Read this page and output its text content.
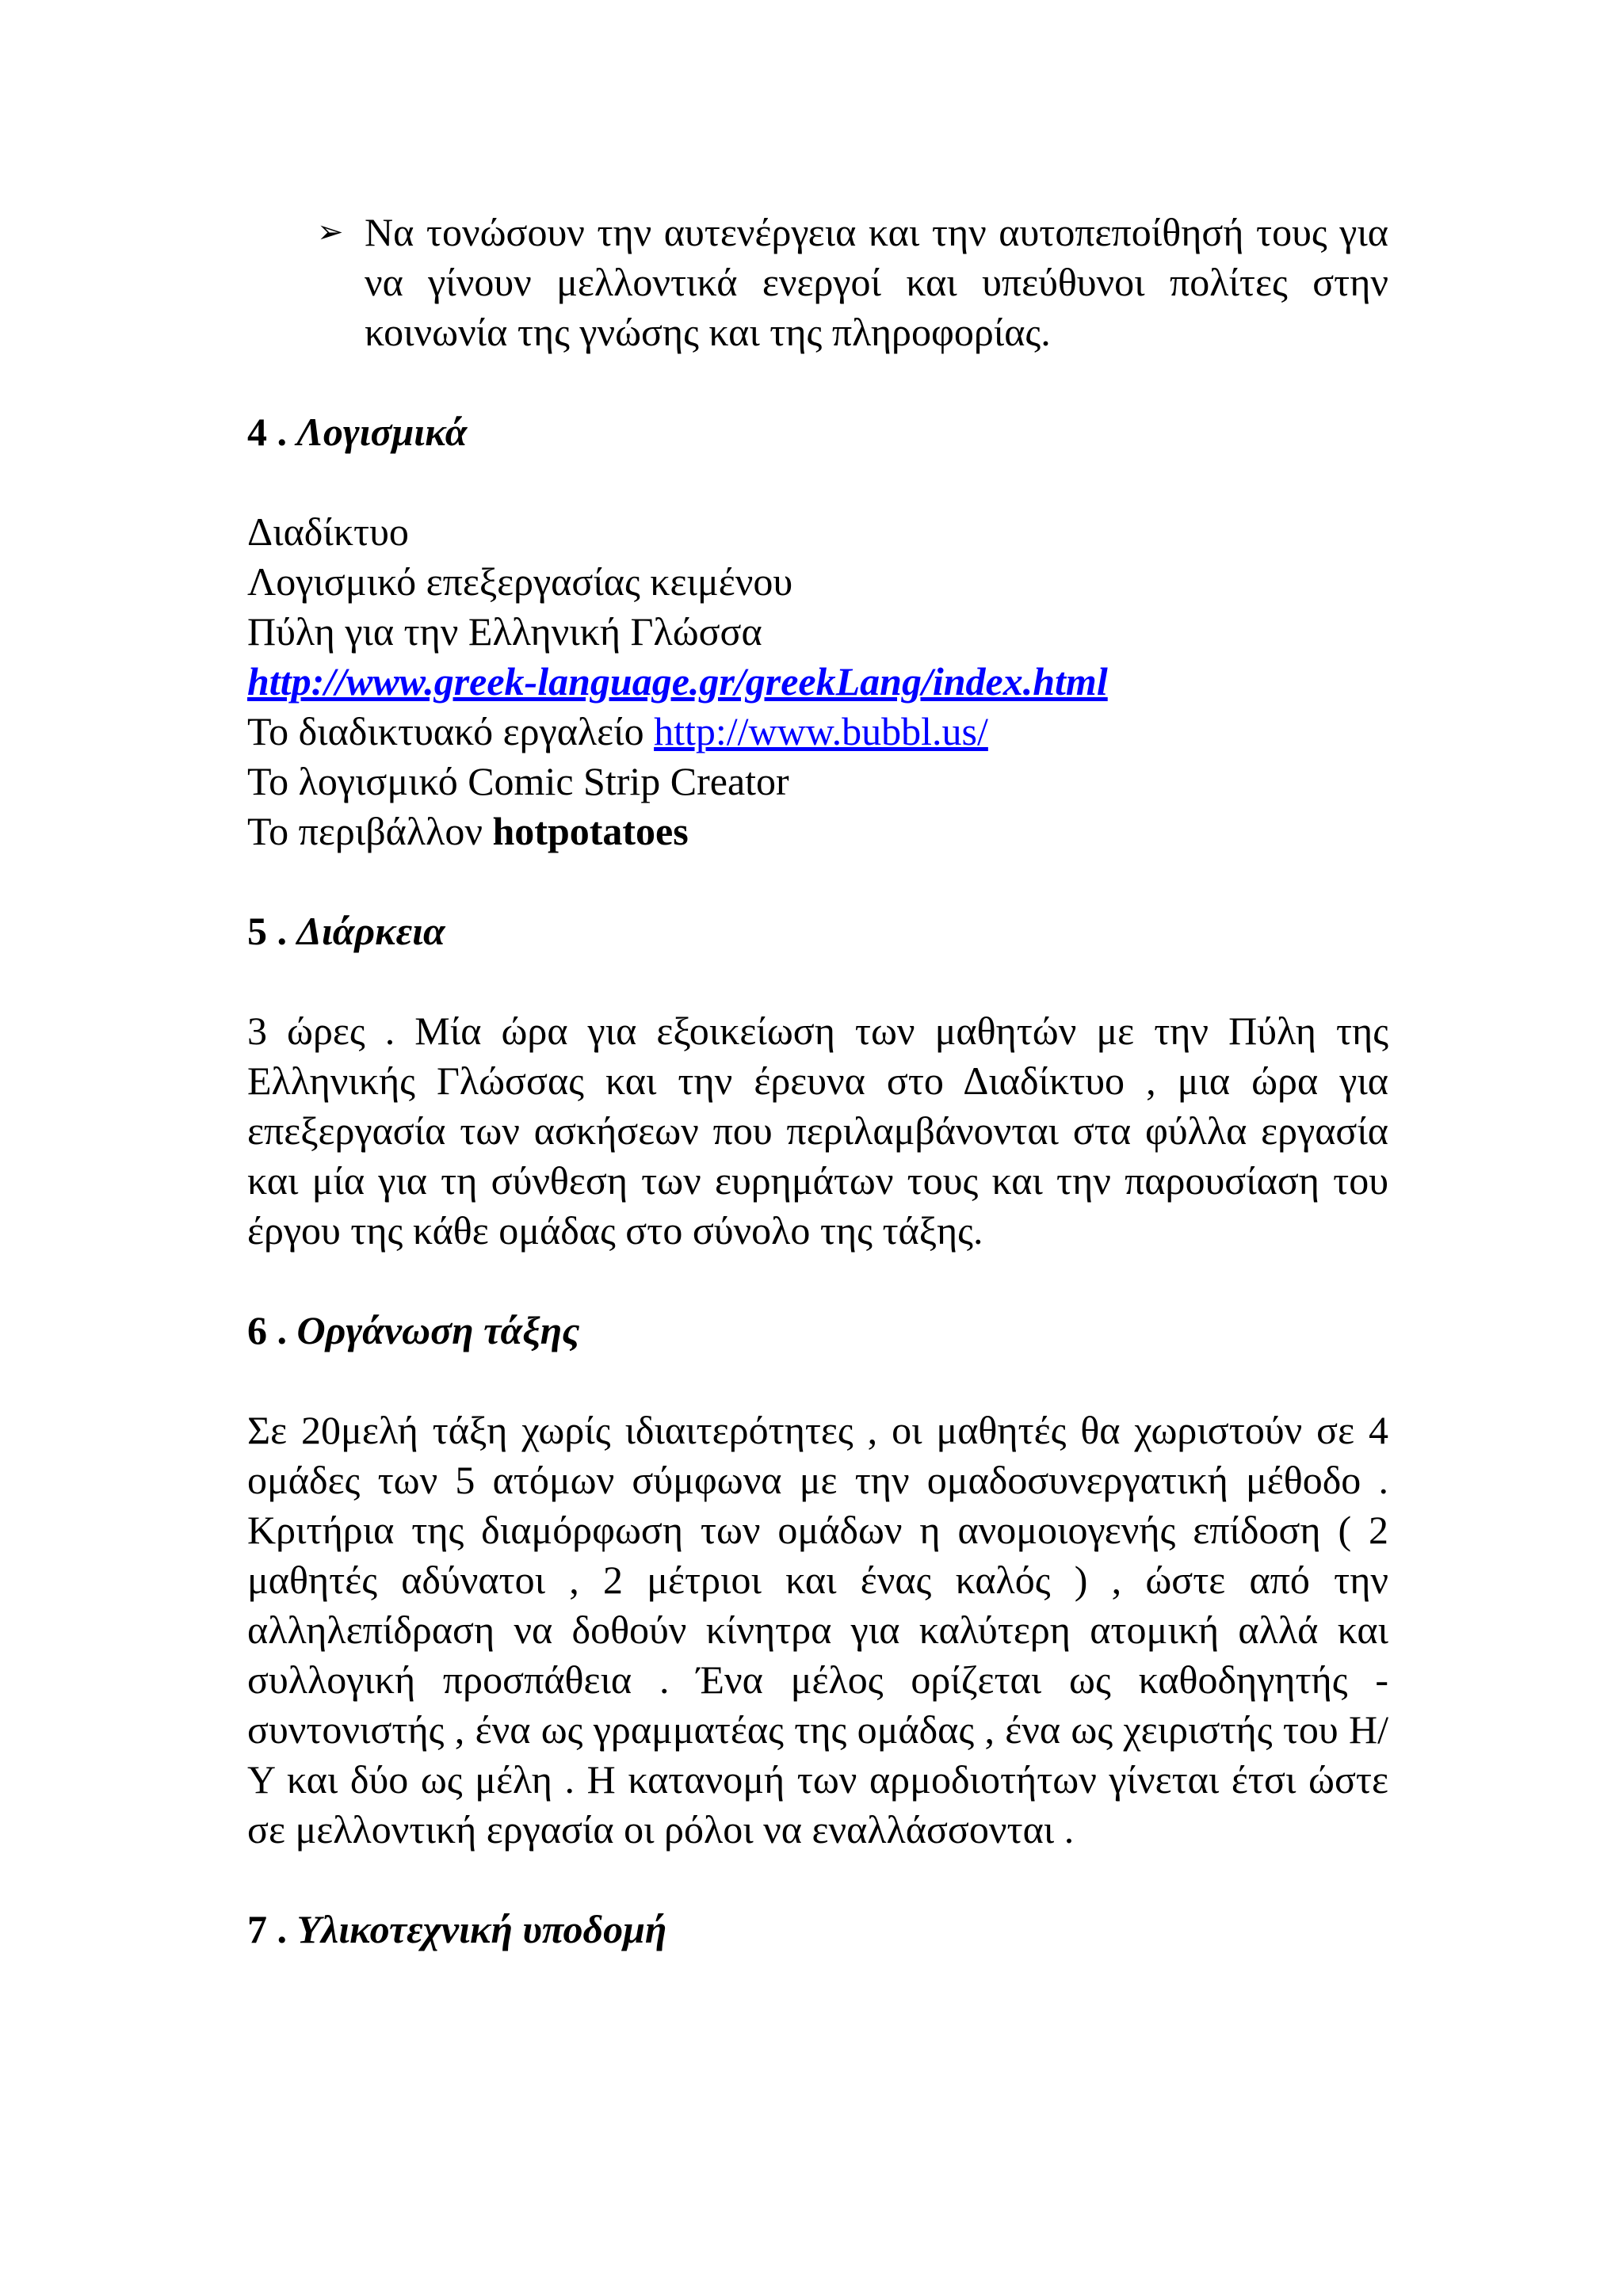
➢ Να τονώσουν την αυτενέργεια και την αυτοπεποίθησή τους για να γίνουν μελλοντικά ενεργοί και υπεύθυνοι πολίτες στην κοινωνία της γνώσης και της πληροφορίας.

4 . Λογισμικά

Διαδίκτυο

Λογισμικό επεξεργασίας κειμένου

Πύλη για την Ελληνική Γλώσσα

http://www.greek-language.gr/greekLang/index.html

Το διαδικτυακό εργαλείο http://www.bubbl.us/

Το λογισμικό Comic Strip Creator

Το περιβάλλον hotpotatoes

5 . Διάρκεια

3 ώρες . Μία ώρα για εξοικείωση των μαθητών με την Πύλη της Ελληνικής Γλώσσας και την έρευνα στο Διαδίκτυο , μια ώρα για επεξεργασία των ασκήσεων που περιλαμβάνονται στα φύλλα εργασία και μία για τη σύνθεση των ευρημάτων τους και την παρουσίαση του έργου της κάθε ομάδας στο σύνολο της τάξης.

6 . Οργάνωση τάξης

Σε 20μελή τάξη χωρίς ιδιαιτερότητες , οι μαθητές θα χωριστούν σε 4 ομάδες των 5 ατόμων σύμφωνα με την ομαδοσυνεργατική μέθοδο . Κριτήρια της διαμόρφωση των ομάδων η ανομοιογενής επίδοση ( 2 μαθητές αδύνατοι , 2 μέτριοι και ένας καλός ) , ώστε από την αλληλεπίδραση να δοθούν κίνητρα για καλύτερη ατομική αλλά και συλλογική προσπάθεια . Ένα μέλος ορίζεται ως καθοδηγητής - συντονιστής , ένα ως γραμματέας της ομάδας , ένα ως χειριστής του Η/Υ και δύο ως μέλη . Η κατανομή των αρμοδιοτήτων γίνεται έτσι ώστε σε μελλοντική εργασία οι ρόλοι να εναλλάσσονται .

7 . Υλικοτεχνική υποδομή
